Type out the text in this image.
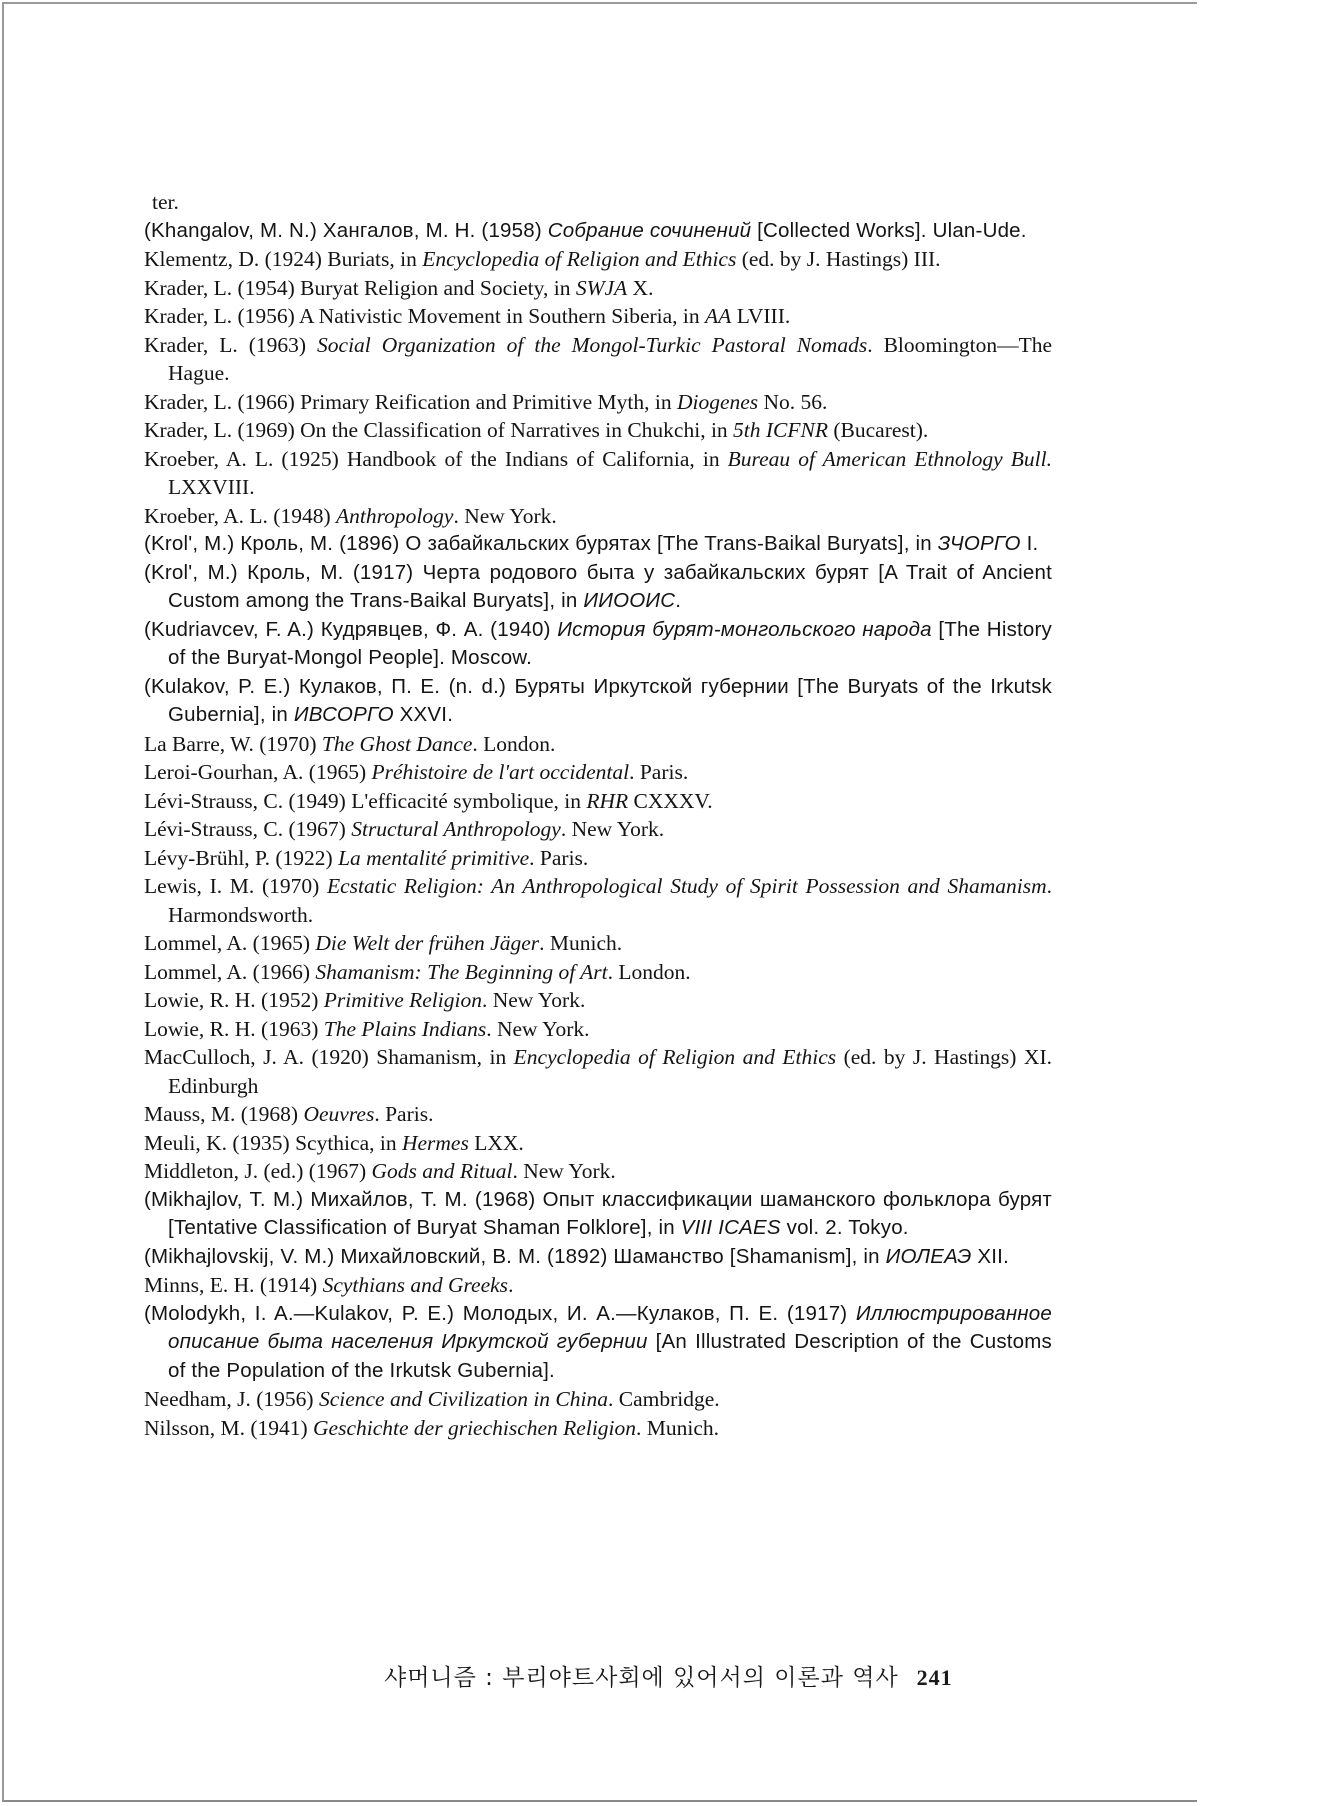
ter.
(Khangalov, M. N.) Хангалов, М. Н. (1958) Собрание сочинений [Collected Works]. Ulan-Ude.
Klementz, D. (1924) Buriats, in Encyclopedia of Religion and Ethics (ed. by J. Hastings) III.
Krader, L. (1954) Buryat Religion and Society, in SWJA X.
Krader, L. (1956) A Nativistic Movement in Southern Siberia, in AA LVIII.
Krader, L. (1963) Social Organization of the Mongol-Turkic Pastoral Nomads. Bloomington—The Hague.
Krader, L. (1966) Primary Reification and Primitive Myth, in Diogenes No. 56.
Krader, L. (1969) On the Classification of Narratives in Chukchi, in 5th ICFNR (Bucarest).
Kroeber, A. L. (1925) Handbook of the Indians of California, in Bureau of American Ethnology Bull. LXXVIII.
Kroeber, A. L. (1948) Anthropology. New York.
(Krol', M.) Кроль, М. (1896) О забайкальских бурятах [The Trans-Baikal Buryats], in ЗЧОРГО I.
(Krol', M.) Кроль, М. (1917) Черта родового быта у забайкальских бурят [A Trait of Ancient Custom among the Trans-Baikal Buryats], in ИИООИС.
(Kudriavcev, F. A.) Кудрявцев, Ф. А. (1940) История бурят-монгольского народа [The History of the Buryat-Mongol People]. Moscow.
(Kulakov, P. E.) Кулаков, П. Е. (n. d.) Буряты Иркутской губернии [The Buryats of the Irkutsk Gubernia], in ИВСОРГО XXVI.
La Barre, W. (1970) The Ghost Dance. London.
Leroi-Gourhan, A. (1965) Préhistoire de l'art occidental. Paris.
Lévi-Strauss, C. (1949) L'efficacité symbolique, in RHR CXXXV.
Lévi-Strauss, C. (1967) Structural Anthropology. New York.
Lévy-Brühl, P. (1922) La mentalité primitive. Paris.
Lewis, I. M. (1970) Ecstatic Religion: An Anthropological Study of Spirit Possession and Shamanism. Harmondsworth.
Lommel, A. (1965) Die Welt der frühen Jäger. Munich.
Lommel, A. (1966) Shamanism: The Beginning of Art. London.
Lowie, R. H. (1952) Primitive Religion. New York.
Lowie, R. H. (1963) The Plains Indians. New York.
MacCulloch, J. A. (1920) Shamanism, in Encyclopedia of Religion and Ethics (ed. by J. Hastings) XI. Edinburgh
Mauss, M. (1968) Oeuvres. Paris.
Meuli, K. (1935) Scythica, in Hermes LXX.
Middleton, J. (ed.) (1967) Gods and Ritual. New York.
(Mikhajlov, T. M.) Михайлов, Т. М. (1968) Опыт классификации шаманского фольклора бурят [Tentative Classification of Buryat Shaman Folklore], in VIII ICAES vol. 2. Tokyo.
(Mikhajlovskij, V. M.) Михайловский, В. М. (1892) Шаманство [Shamanism], in ИОЛЕАЭ XII.
Minns, E. H. (1914) Scythians and Greeks.
(Molodykh, I. A.—Kulakov, P. E.) Молодых, И. А.—Кулаков, П. Е. (1917) Иллюстрированное описание быта населения Иркутской губернии [An Illustrated Description of the Customs of the Population of the Irkutsk Gubernia].
Needham, J. (1956) Science and Civilization in China. Cambridge.
Nilsson, M. (1941) Geschichte der griechischen Religion. Munich.
샤머니즘 : 부리야트사회에 있어서의 이론과 역사 241
